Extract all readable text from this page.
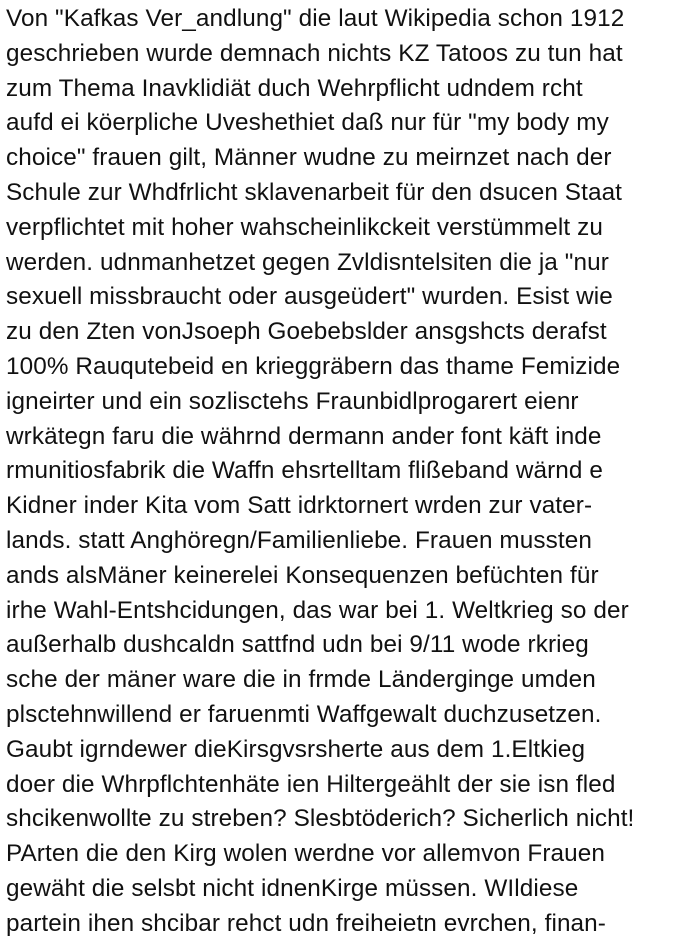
Von "Kafkas Ver_andlung" die laut Wikipedia schon 1912
geschrieben wurde demnach nichts KZ Tatoos zu tun hat
zum Thema Inavklidiät duch Wehrpflicht udndem rcht
aufd ei köerpliche Uveshethiet daß nur für "my body my
choice" frauen gilt, Männer wudne zu meirnzet nach der
Schule zur Whdfrlicht sklavenarbeit für den dsucen Staat
verpflichtet mit hoher wahscheinlikckeit verstümmelt zu
werden. udnmanhetzet gegen Zvldisntelsiten die ja "nur
sexuell missbraucht oder ausgeüdert" wurden. Esist wie
zu den Zten vonJsoeph Goebebslder ansgshcts derafst
100% Rauqutebeid en krieggräbern das thame Femizide
igneirter und ein sozlisctehs Fraunbidlprogarert eienr
wrkätegn faru die währnd dermann ander font käft inde
rmunitiosfabrik die Waffn ehsrtelltam flißeband wärnd e
Kidner inder Kita vom Satt idrktornert wrden zur vater-
lands. statt Anghöregn/Familienliebe. Frauen mussten
ands alsMäner keinerelei Konsequenzen befüchten für
irhe Wahl-Entshcidungen, das war bei 1. Weltkrieg so der
außerhalb dushcaldn sattfnd udn bei 9/11 wode rkrieg
sche der mäner ware die in frmde Länderginge umden
plsctehnwillend er faruenmti Waffgewalt duchzusetzen.
Gaubt igrndewer dieKirsgvsrsherte aus dem 1.Eltkieg
doer die Whrpflchtenhäte ien Hiltergeählt der sie isn fled
shcikenwollte zu streben? Slesbtöderich? Sicherlich nicht!
PArten die den Kirg wolen werdne vor allemvon Frauen
gewäht die selsbt nicht idnenKirge müssen. WIldiese
partein ihen shcibar rehct udn freiheietn evrchen, finan-
